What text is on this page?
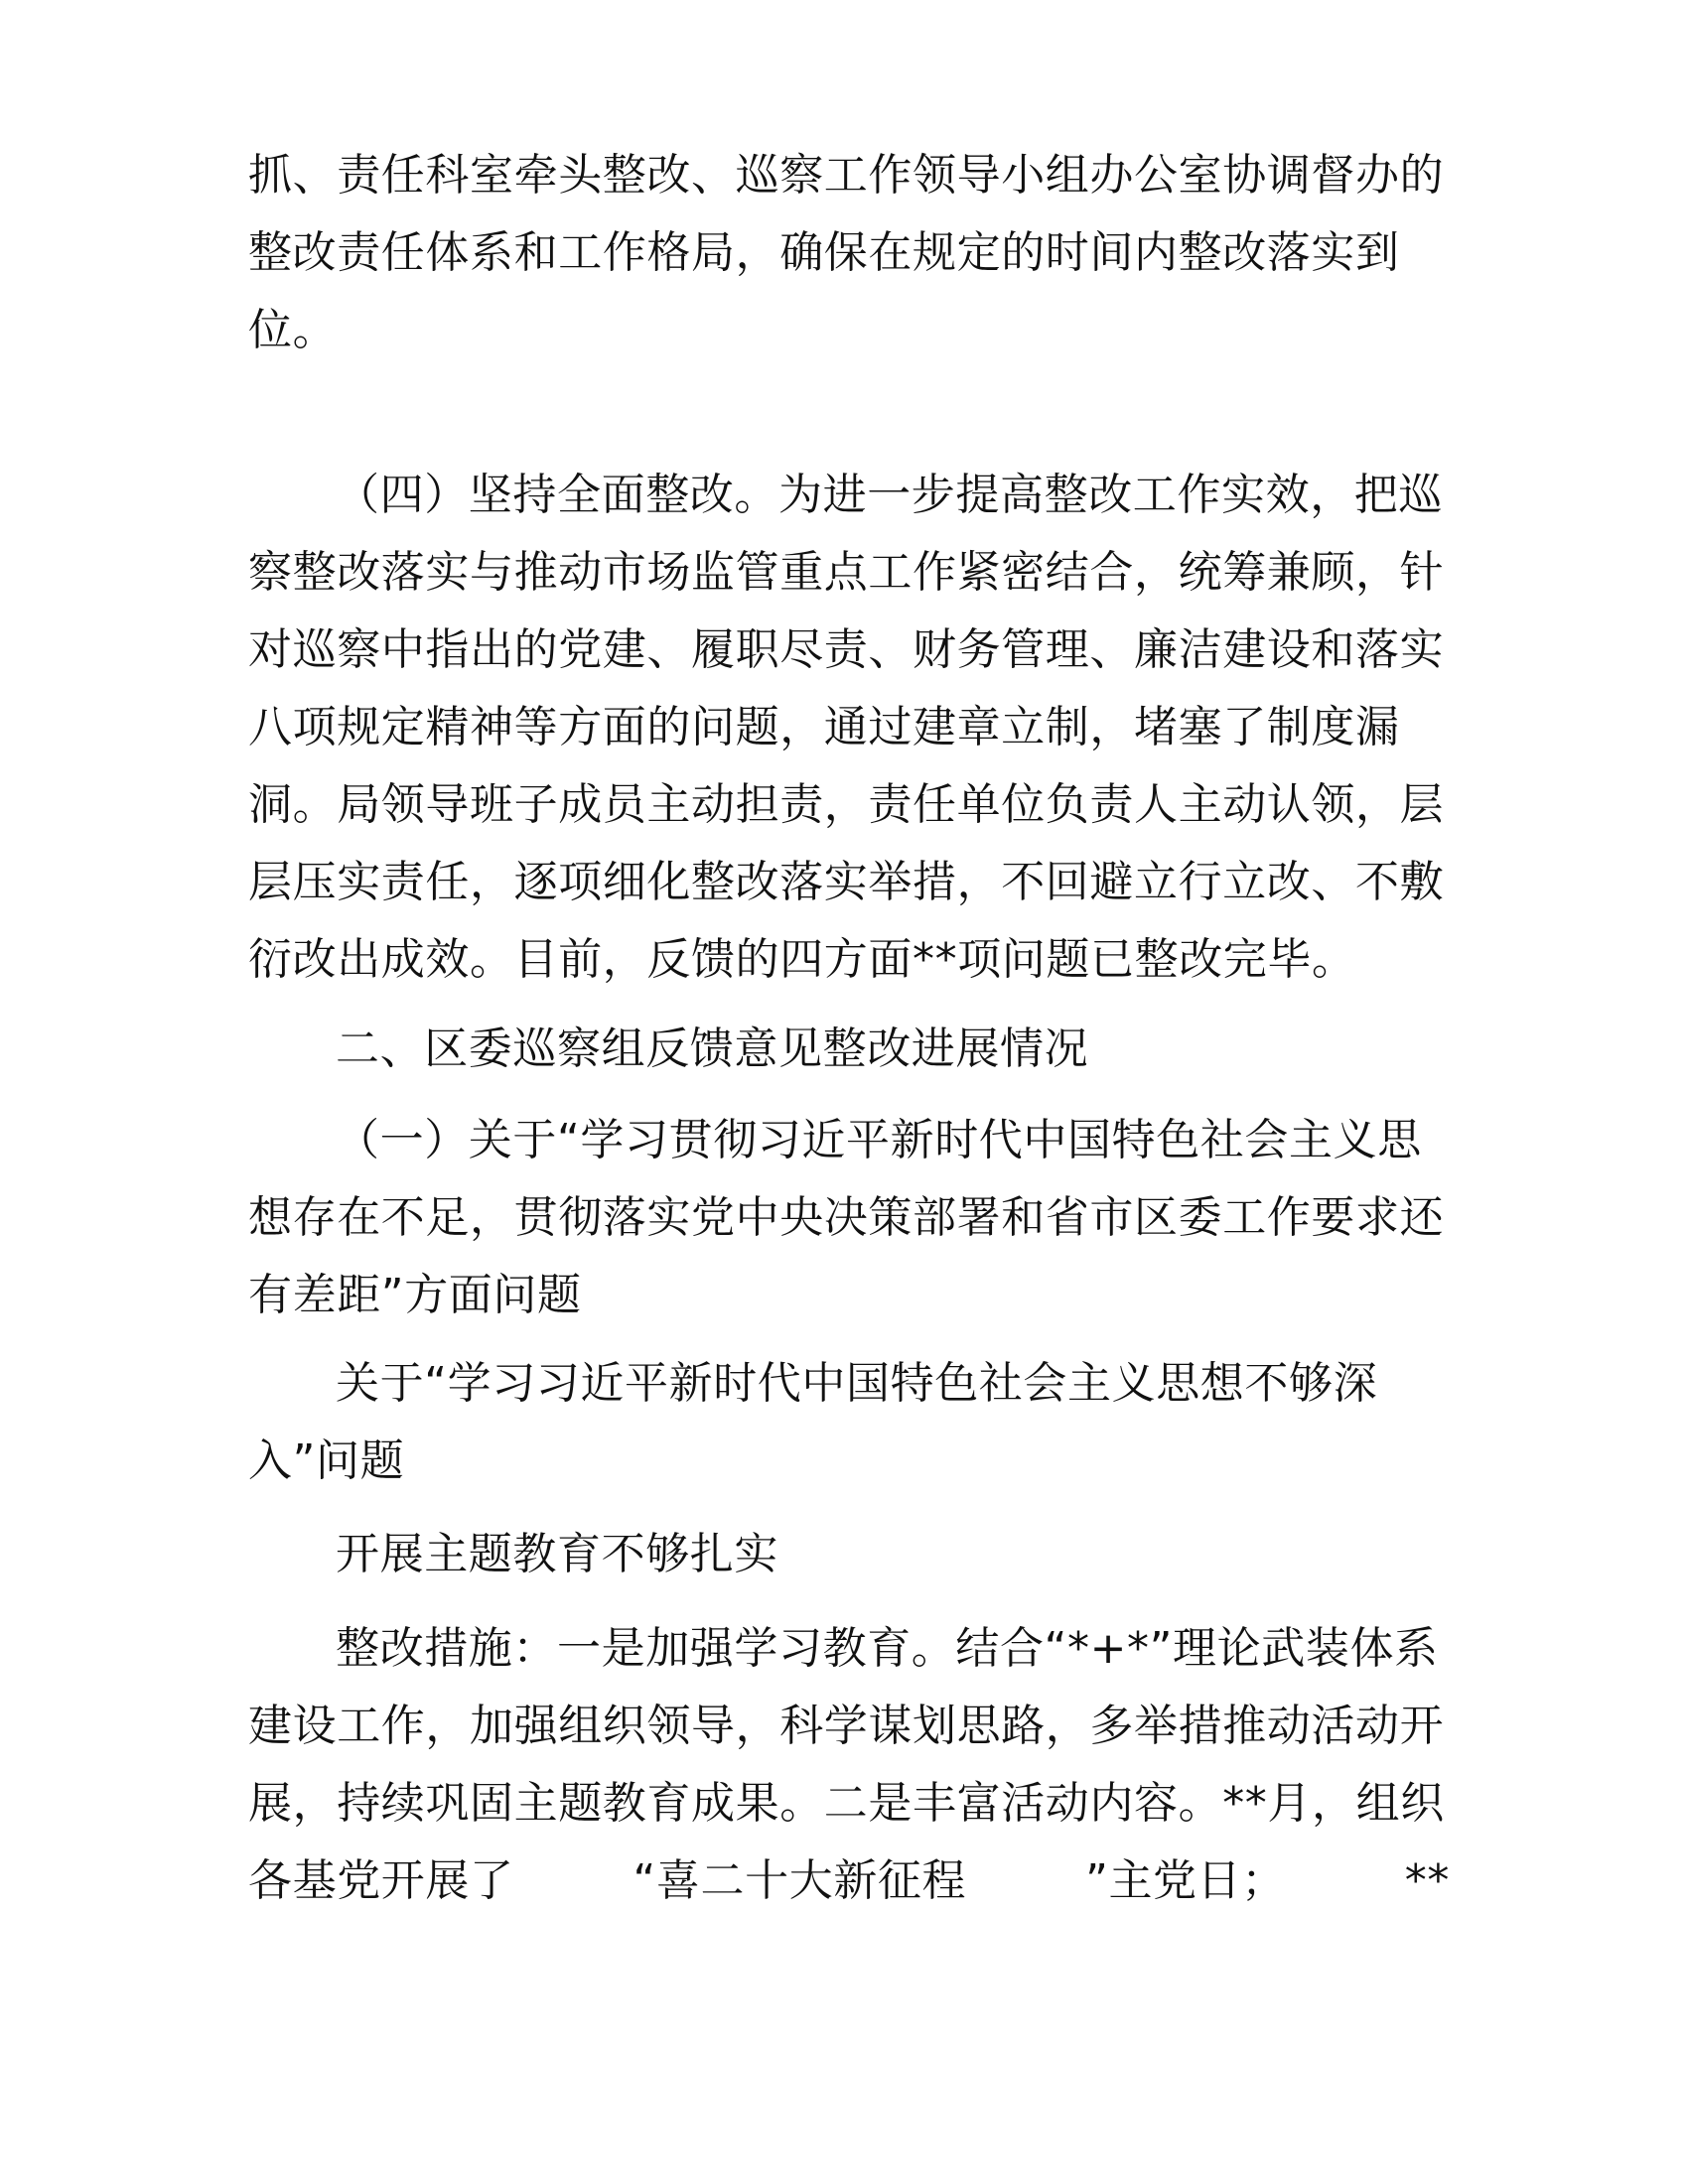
抓、责任科室牵头整改、巡察工作领导小组办公室协调督办的
整改责任体系和工作格局，确保在规定的时间内整改落实到
位。
（四）坚持全面整改。为进一步提高整改工作实效，把巡
察整改落实与推动市场监管重点工作紧密结合，统筹兼顾，针
对巡察中指出的党建、履职尽责、财务管理、廉洁建设和落实
八项规定精神等方面的问题，通过建章立制，堵塞了制度漏
洞。局领导班子成员主动担责，责任单位负责人主动认领，层
层压实责任，逐项细化整改落实举措，不回避立行立改、不敷
衍改出成效。目前，反馈的四方面**项问题已整改完毕。
二、区委巡察组反馈意见整改进展情况
（一）关于“学习贯彻习近平新时代中国特色社会主义思
想存在不足，贯彻落实党中央决策部署和省市区委工作要求还
有差距”方面问题
关于“学习习近平新时代中国特色社会主义思想不够深
入”问题
开展主题教育不够扎实
整改措施：一是加强学习教育。结合“*+*”理论武装体系
建设工作，加强组织领导，科学谋划思路，多举措推动活动开
展，持续巩固主题教育成果。二是丰富活动内容。**月，组织
各基党开展了	“喜二十大新征程	”主党日；	**
